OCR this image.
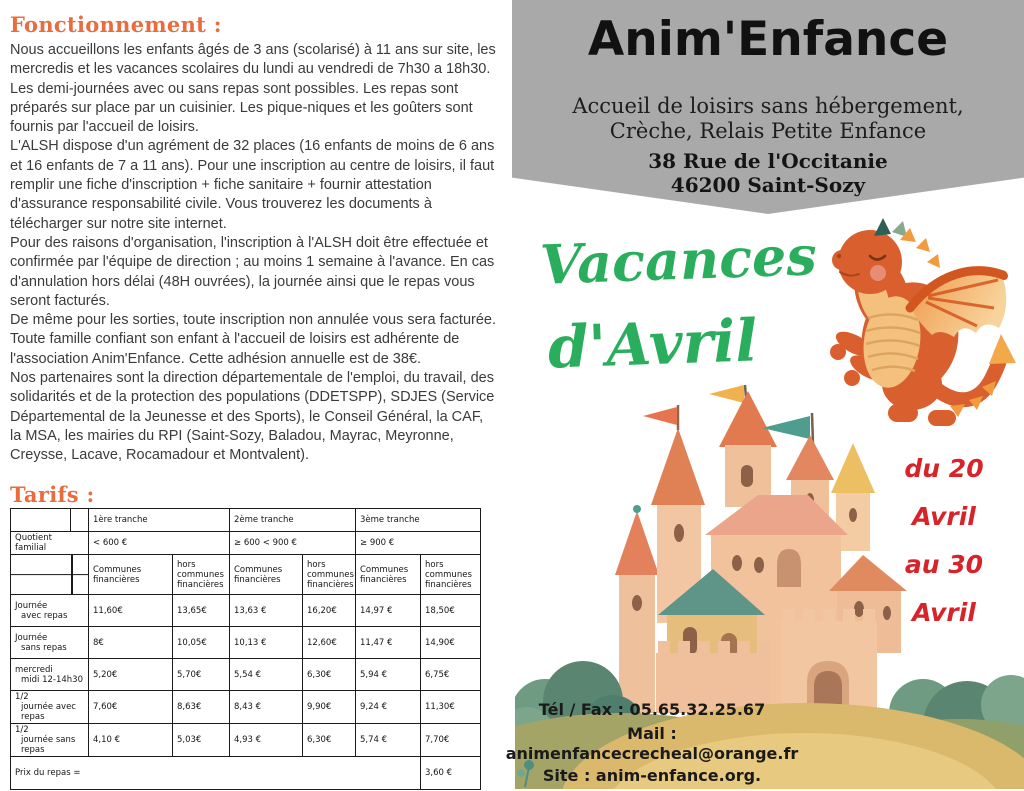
Fonctionnement :

Nous accueillons les enfants âgés de 3 ans (scolarisé) à 11 ans sur site, les mercredis et les vacances scolaires du lundi au vendredi de 7h30 a 18h30. Les demi-journées avec ou sans repas sont possibles. Les repas sont préparés sur place par un cuisinier. Les pique-niques et les goûters sont fournis par l'accueil de loisirs.

L'ALSH dispose d'un agrément de 32 places (16 enfants de moins de 6 ans et 16 enfants de 7 a 11 ans). Pour une inscription au centre de loisirs, il faut remplir une fiche d'inscription + fiche sanitaire + fournir attestation d'assurance responsabilité civile. Vous trouverez les documents à télécharger sur notre site internet.

Pour des raisons d'organisation, l'inscription à l'ALSH doit être effectuée et confirmée par l'équipe de direction ; au moins 1 semaine à l'avance. En cas d'annulation hors délai (48H ouvrées), la journée ainsi que le repas vous seront facturés.

De même pour les sorties, toute inscription non annulée vous sera facturée.

Toute famille confiant son enfant à l'accueil de loisirs est adhérente de l'association Anim'Enfance. Cette adhésion annuelle est de 38€.

Nos partenaires sont la direction départementale de l'emploi, du travail, des solidarités et de la protection des populations (DDETSPP), SDJES (Service Départemental de la Jeunesse et des Sports), le Conseil Général, la CAF, la MSA, les mairies du RPI (Saint-Sozy, Baladou, Mayrac, Meyronne, Creysse, Lacave, Rocamadour et Montvalent).

Tarifs :
		1ère tranche		2ème tranche		3ème tranche	
Quotient familial		< 600 €		≥ 600 < 900 €		≥ 900 €	

		Communes financières	hors communes financières	Communes financières	hors communes financières	Communes financières	hors communes financières

Journée
avec repas		11,60€	13,65€	13,63 €	16,20€	14,97 €	18,50€

Journée
sans repas		8€	10,05€	10,13 €	12,60€	11,47 €	14,90€

mercredi
midi 12-14h30		5,20€	5,70€	5,54 €	6,30€	5,94 €	6,75€

1/2
journée avec repas		7,60€	8,63€	8,43 €	9,90€	9,24 €	11,30€

1/2
journée sans repas		4,10 €	5,03€	4,93 €	6,30€	5,74 €	7,70€
Prix du repas =							3,60 €
Anim'Enfance
Accueil de loisirs sans hébergement,
Crèche, Relais Petite Enfance
38 Rue de l'Occitanie
46200 Saint-Sozy
Vacances
d'Avril
du 20 Avril
au 30 Avril
Tél / Fax : 05.65.32.25.67
Mail :
animenfancecrecheal@orange.fr
Site : anim-enfance.org.
